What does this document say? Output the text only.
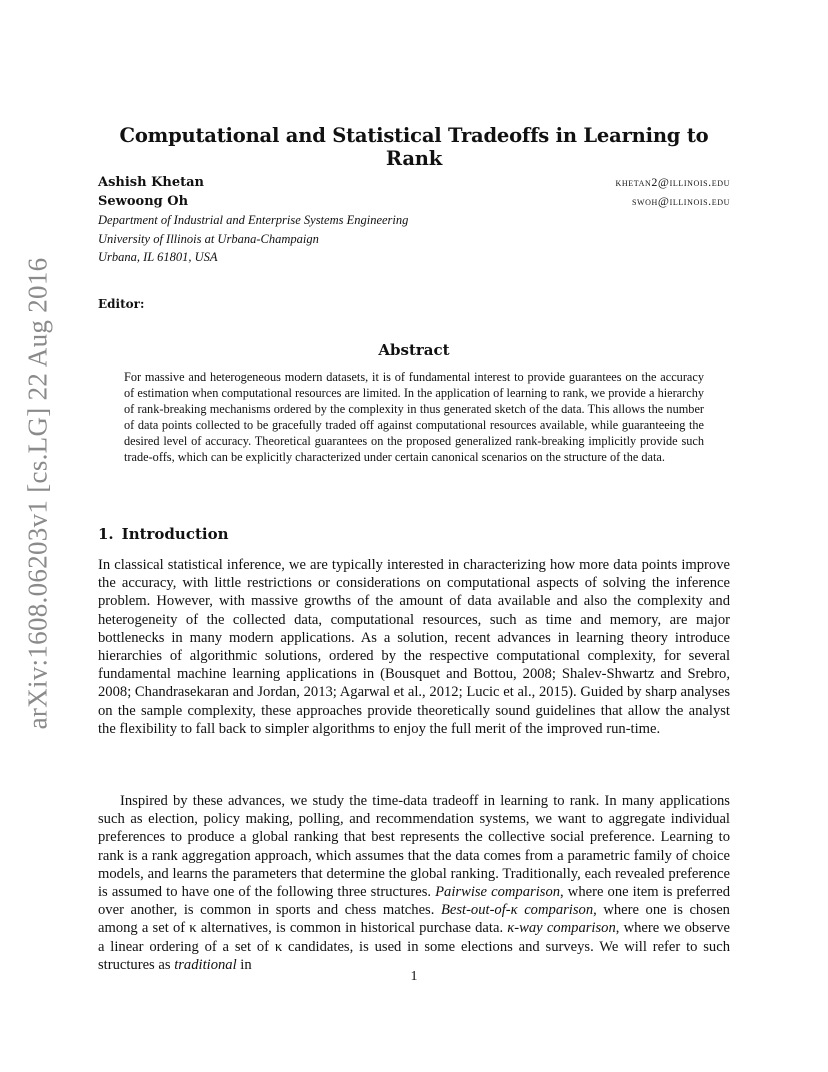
arXiv:1608.06203v1 [cs.LG] 22 Aug 2016
Computational and Statistical Tradeoffs in Learning to Rank
Ashish Khetan	khetan2@illinois.edu
Sewoong Oh	swoh@illinois.edu
Department of Industrial and Enterprise Systems Engineering
University of Illinois at Urbana-Champaign
Urbana, IL 61801, USA
Editor:
Abstract

For massive and heterogeneous modern datasets, it is of fundamental interest to provide guarantees on the accuracy of estimation when computational resources are limited. In the application of learning to rank, we provide a hierarchy of rank-breaking mechanisms ordered by the complexity in thus generated sketch of the data. This allows the number of data points collected to be gracefully traded off against computational resources available, while guaranteeing the desired level of accuracy. Theoretical guarantees on the proposed generalized rank-breaking implicitly provide such trade-offs, which can be explicitly characterized under certain canonical scenarios on the structure of the data.

1. Introduction

In classical statistical inference, we are typically interested in characterizing how more data points improve the accuracy, with little restrictions or considerations on computational aspects of solving the inference problem. However, with massive growths of the amount of data available and also the complexity and heterogeneity of the collected data, computational resources, such as time and memory, are major bottlenecks in many modern applications. As a solution, recent advances in learning theory introduce hierarchies of algorithmic solutions, ordered by the respective computational complexity, for several fundamental machine learning applications in (Bousquet and Bottou, 2008; Shalev-Shwartz and Srebro, 2008; Chandrasekaran and Jordan, 2013; Agarwal et al., 2012; Lucic et al., 2015). Guided by sharp analyses on the sample complexity, these approaches provide theoretically sound guidelines that allow the analyst the flexibility to fall back to simpler algorithms to enjoy the full merit of the improved run-time.

Inspired by these advances, we study the time-data tradeoff in learning to rank. In many applications such as election, policy making, polling, and recommendation systems, we want to aggregate individual preferences to produce a global ranking that best represents the collective social preference. Learning to rank is a rank aggregation approach, which assumes that the data comes from a parametric family of choice models, and learns the parameters that determine the global ranking. Traditionally, each revealed preference is assumed to have one of the following three structures. Pairwise comparison, where one item is preferred over another, is common in sports and chess matches. Best-out-of-κ comparison, where one is chosen among a set of κ alternatives, is common in historical purchase data. κ-way comparison, where we observe a linear ordering of a set of κ candidates, is used in some elections and surveys. We will refer to such structures as traditional in

1
